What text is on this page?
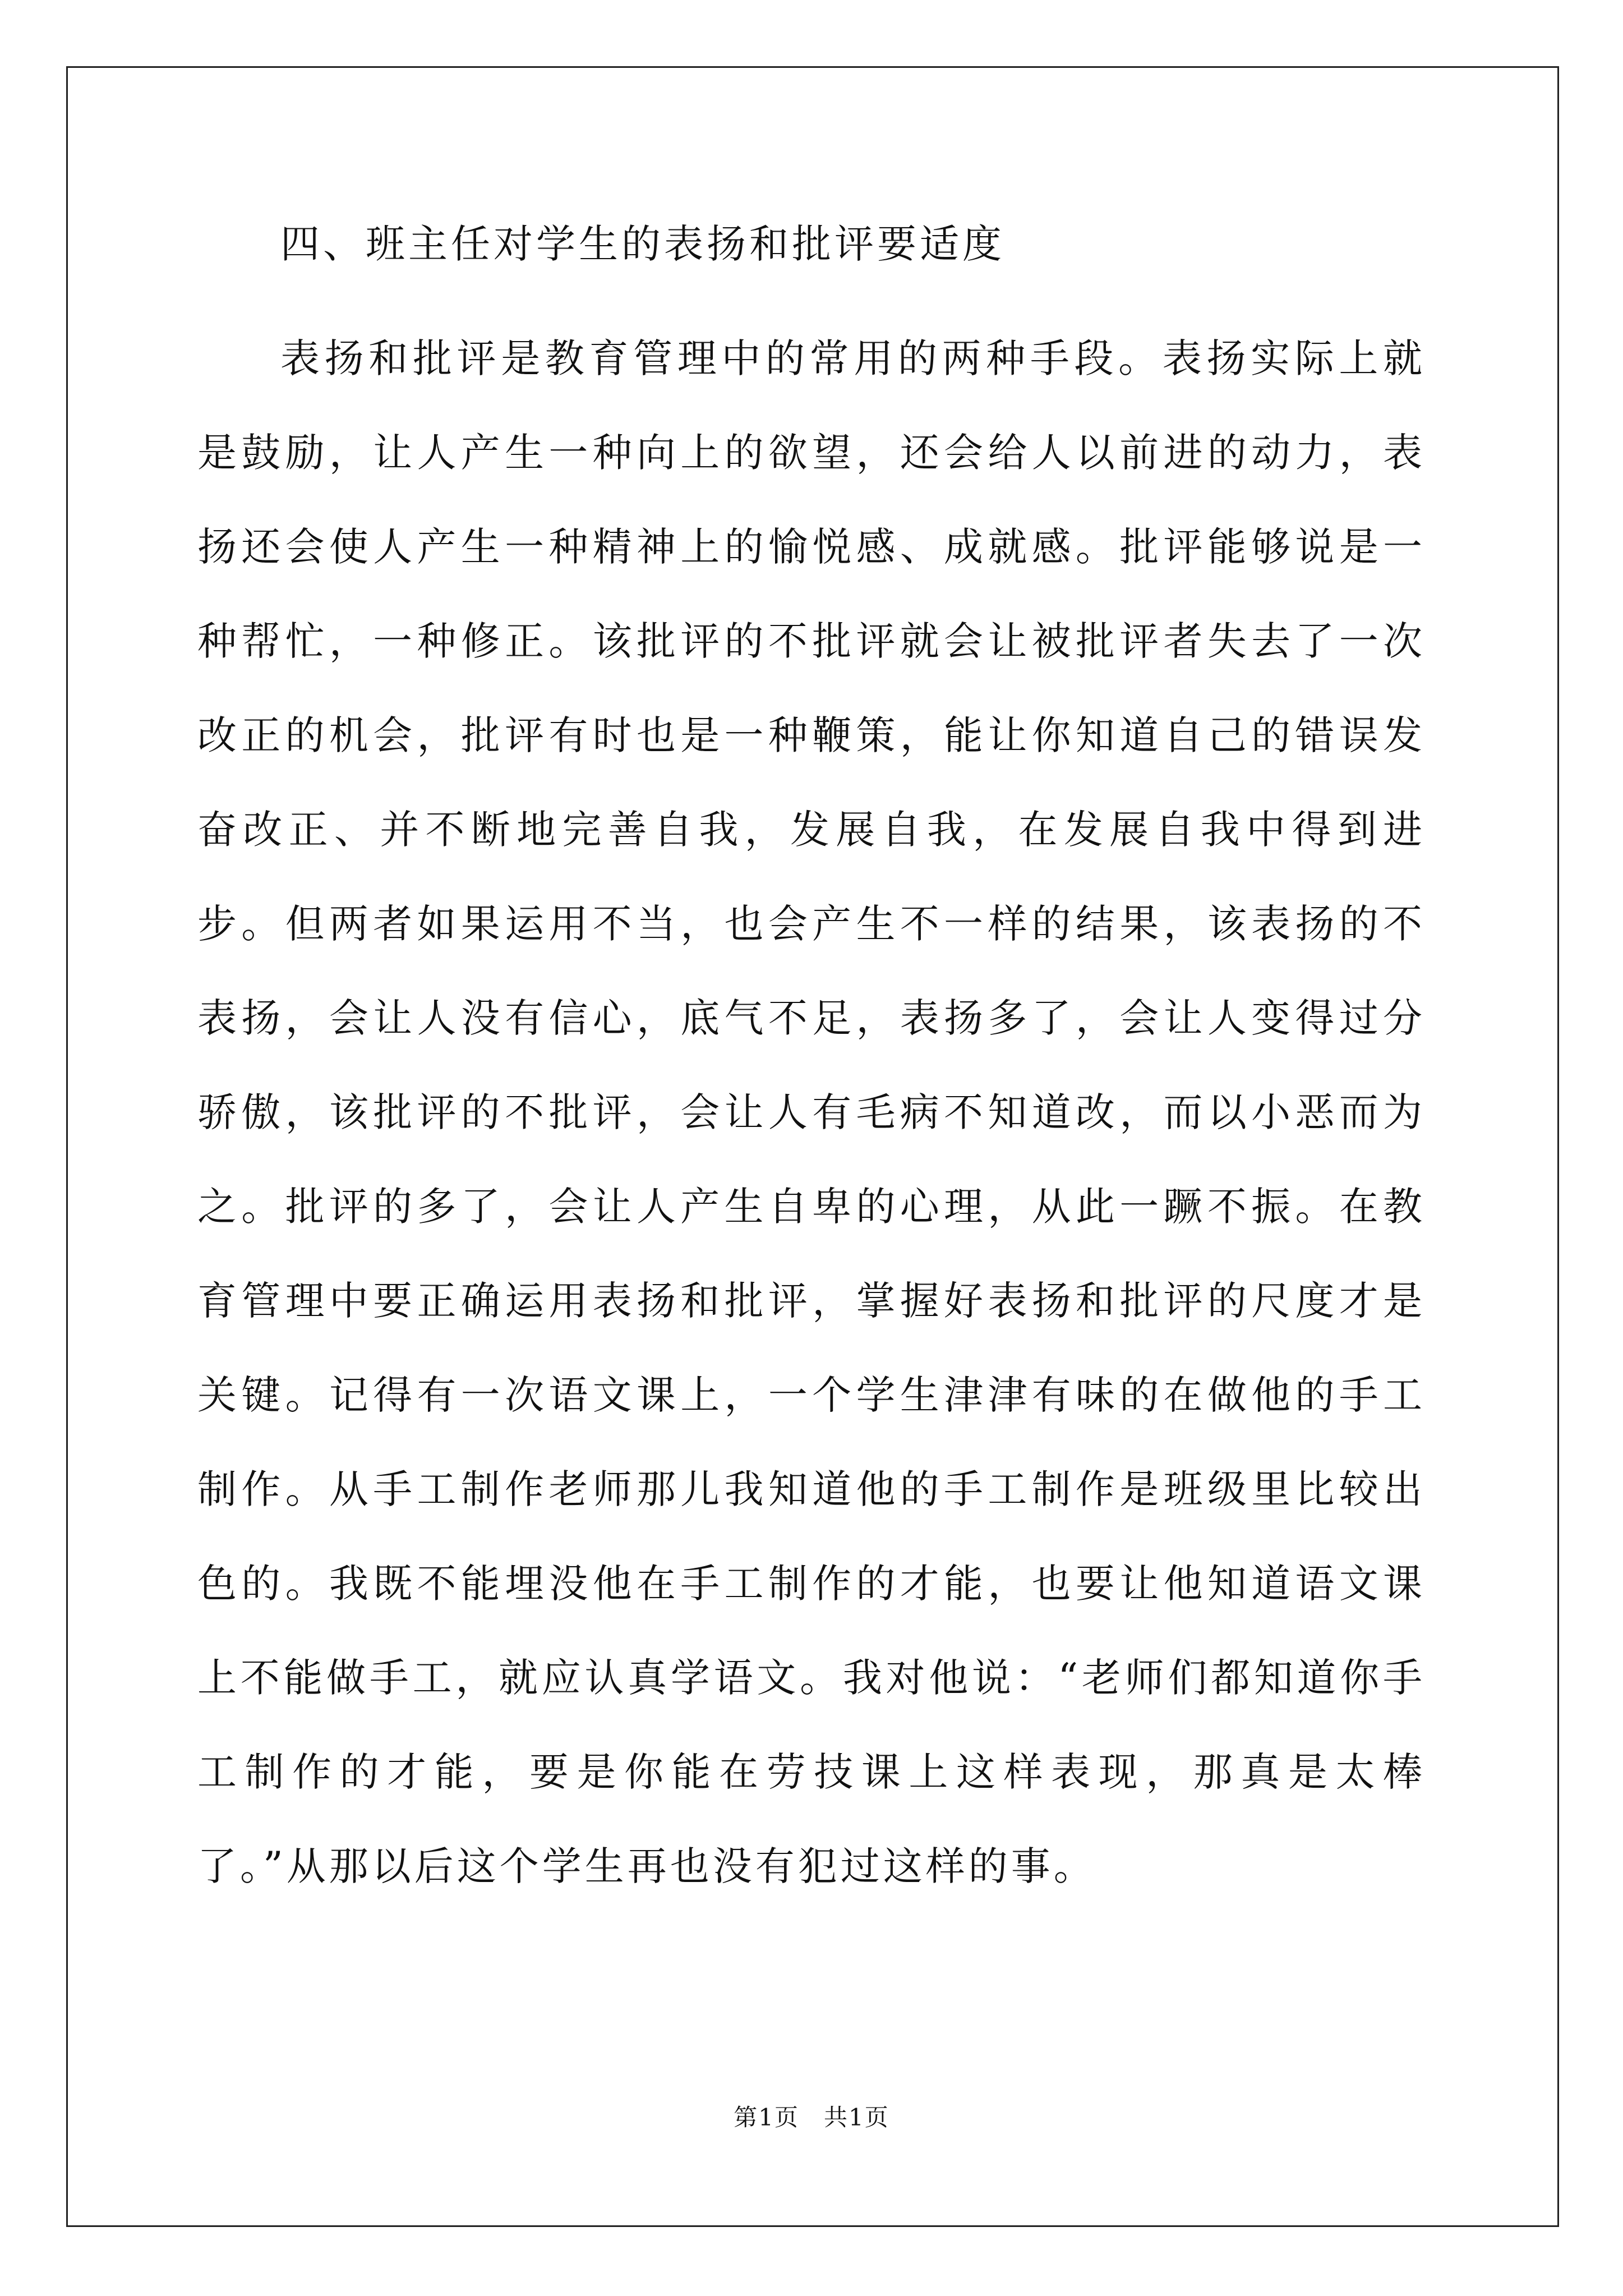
四、班主任对学生的表扬和批评要适度

表扬和批评是教育管理中的常用的两种手段。表扬实际上就是鼓励，让人产生一种向上的欲望，还会给人以前进的动力，表扬还会使人产生一种精神上的愉悦感、成就感。批评能够说是一种帮忙，一种修正。该批评的不批评就会让被批评者失去了一次改正的机会，批评有时也是一种鞭策，能让你知道自己的错误发奋改正、并不断地完善自我，发展自我，在发展自我中得到进步。但两者如果运用不当，也会产生不一样的结果，该表扬的不表扬，会让人没有信心，底气不足，表扬多了，会让人变得过分骄傲，该批评的不批评，会让人有毛病不知道改，而以小恶而为之。批评的多了，会让人产生自卑的心理，从此一蹶不振。在教育管理中要正确运用表扬和批评，掌握好表扬和批评的尺度才是关键。记得有一次语文课上，一个学生津津有味的在做他的手工制作。从手工制作老师那儿我知道他的手工制作是班级里比较出色的。我既不能埋没他在手工制作的才能，也要让他知道语文课上不能做手工，就应认真学语文。我对他说：“老师们都知道你手工制作的才能，要是你能在劳技课上这样表现，那真是太棒了。”从那以后这个学生再也没有犯过这样的事。

第1页 共1页
